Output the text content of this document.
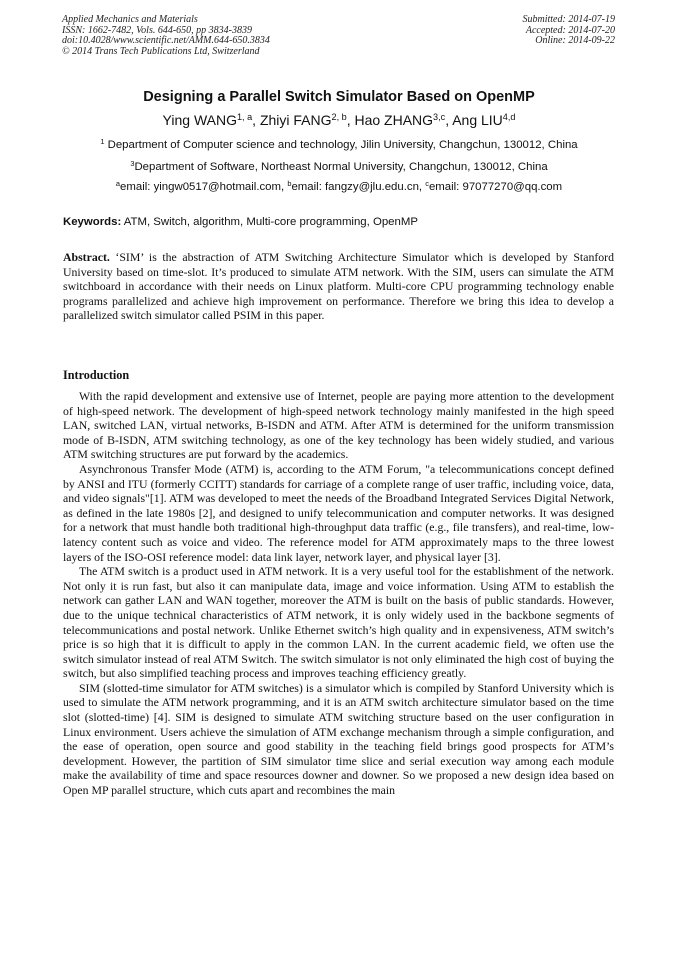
Applied Mechanics and Materials
ISSN: 1662-7482, Vols. 644-650, pp 3834-3839
doi:10.4028/www.scientific.net/AMM.644-650.3834
© 2014 Trans Tech Publications Ltd, Switzerland
Submitted: 2014-07-19
Accepted: 2014-07-20
Online: 2014-09-22
Designing a Parallel Switch Simulator Based on OpenMP
Ying WANG$^{1, a}$, Zhiyi FANG$^{2, b}$, Hao ZHANG$^{3,c}$, Ang LIU$^{4,d}$
$^1$ Department of Computer science and technology, Jilin University, Changchun, 130012, China
$^3$Department of Software, Northeast Normal University, Changchun, 130012, China
$^a$email: yingw0517@hotmail.com, $^b$email: fangzy@jlu.edu.cn, $^c$email: 97077270@qq.com
Keywords: ATM, Switch, algorithm, Multi-core programming, OpenMP
Abstract. ‘SIM’ is the abstraction of ATM Switching Architecture Simulator which is developed by Stanford University based on time-slot. It’s produced to simulate ATM network. With the SIM, users can simulate the ATM switchboard in accordance with their needs on Linux platform. Multi-core CPU programming technology enable programs parallelized and achieve high improvement on performance. Therefore we bring this idea to develop a parallelized switch simulator called PSIM in this paper.
Introduction

With the rapid development and extensive use of Internet, people are paying more attention to the development of high-speed network. The development of high-speed network technology mainly manifested in the high speed LAN, switched LAN, virtual networks, B-ISDN and ATM. After ATM is determined for the uniform transmission mode of B-ISDN, ATM switching technology, as one of the key technology has been widely studied, and various ATM switching structures are put forward by the academics.

Asynchronous Transfer Mode (ATM) is, according to the ATM Forum, "a telecommunications concept defined by ANSI and ITU (formerly CCITT) standards for carriage of a complete range of user traffic, including voice, data, and video signals"[1]. ATM was developed to meet the needs of the Broadband Integrated Services Digital Network, as defined in the late 1980s [2], and designed to unify telecommunication and computer networks. It was designed for a network that must handle both traditional high-throughput data traffic (e.g., file transfers), and real-time, low-latency content such as voice and video. The reference model for ATM approximately maps to the three lowest layers of the ISO-OSI reference model: data link layer, network layer, and physical layer [3].

The ATM switch is a product used in ATM network. It is a very useful tool for the establishment of the network. Not only it is run fast, but also it can manipulate data, image and voice information. Using ATM to establish the network can gather LAN and WAN together, moreover the ATM is built on the basis of public standards. However, due to the unique technical characteristics of ATM network, it is only widely used in the backbone segments of telecommunications and postal network. Unlike Ethernet switch’s high quality and in expensiveness, ATM switch’s price is so high that it is difficult to apply in the common LAN. In the current academic field, we often use the switch simulator instead of real ATM Switch. The switch simulator is not only eliminated the high cost of buying the switch, but also simplified teaching process and improves teaching efficiency greatly.

SIM (slotted-time simulator for ATM switches) is a simulator which is compiled by Stanford University which is used to simulate the ATM network programming, and it is an ATM switch architecture simulator based on the time slot (slotted-time) [4]. SIM is designed to simulate ATM switching structure based on the user configuration in Linux environment. Users achieve the simulation of ATM exchange mechanism through a simple configuration, and the ease of operation, open source and good stability in the teaching field brings good prospects for ATM’s development. However, the partition of SIM simulator time slice and serial execution way among each module make the availability of time and space resources downer and downer. So we proposed a new design idea based on Open MP parallel structure, which cuts apart and recombines the main
